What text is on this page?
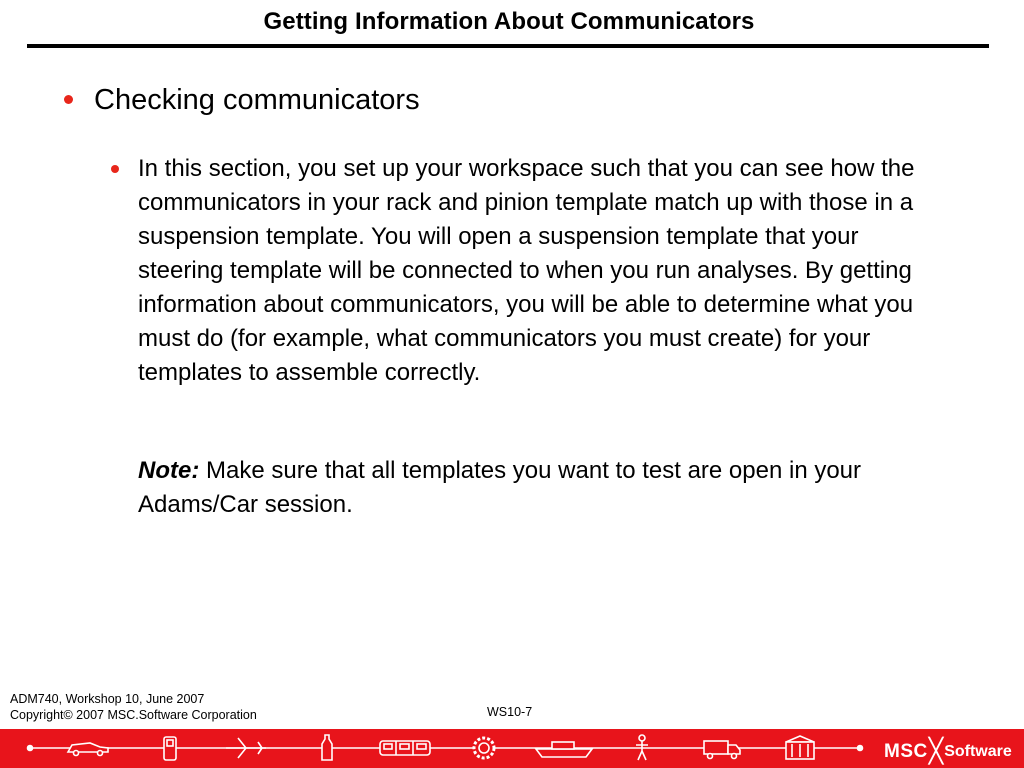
Getting Information About Communicators
Checking communicators
In this section, you set up your workspace such that you can see how the communicators in your rack and pinion template match up with those in a suspension template. You will open a suspension template that your steering template will be connected to when you run analyses. By getting information about communicators, you will be able to determine what you must do (for example, what communicators you must create) for your templates to assemble correctly.
Note: Make sure that all templates you want to test are open in your Adams/Car session.
ADM740, Workshop 10, June 2007
Copyright© 2007 MSC.Software Corporation	WS10-7
MSC ╳ Software
